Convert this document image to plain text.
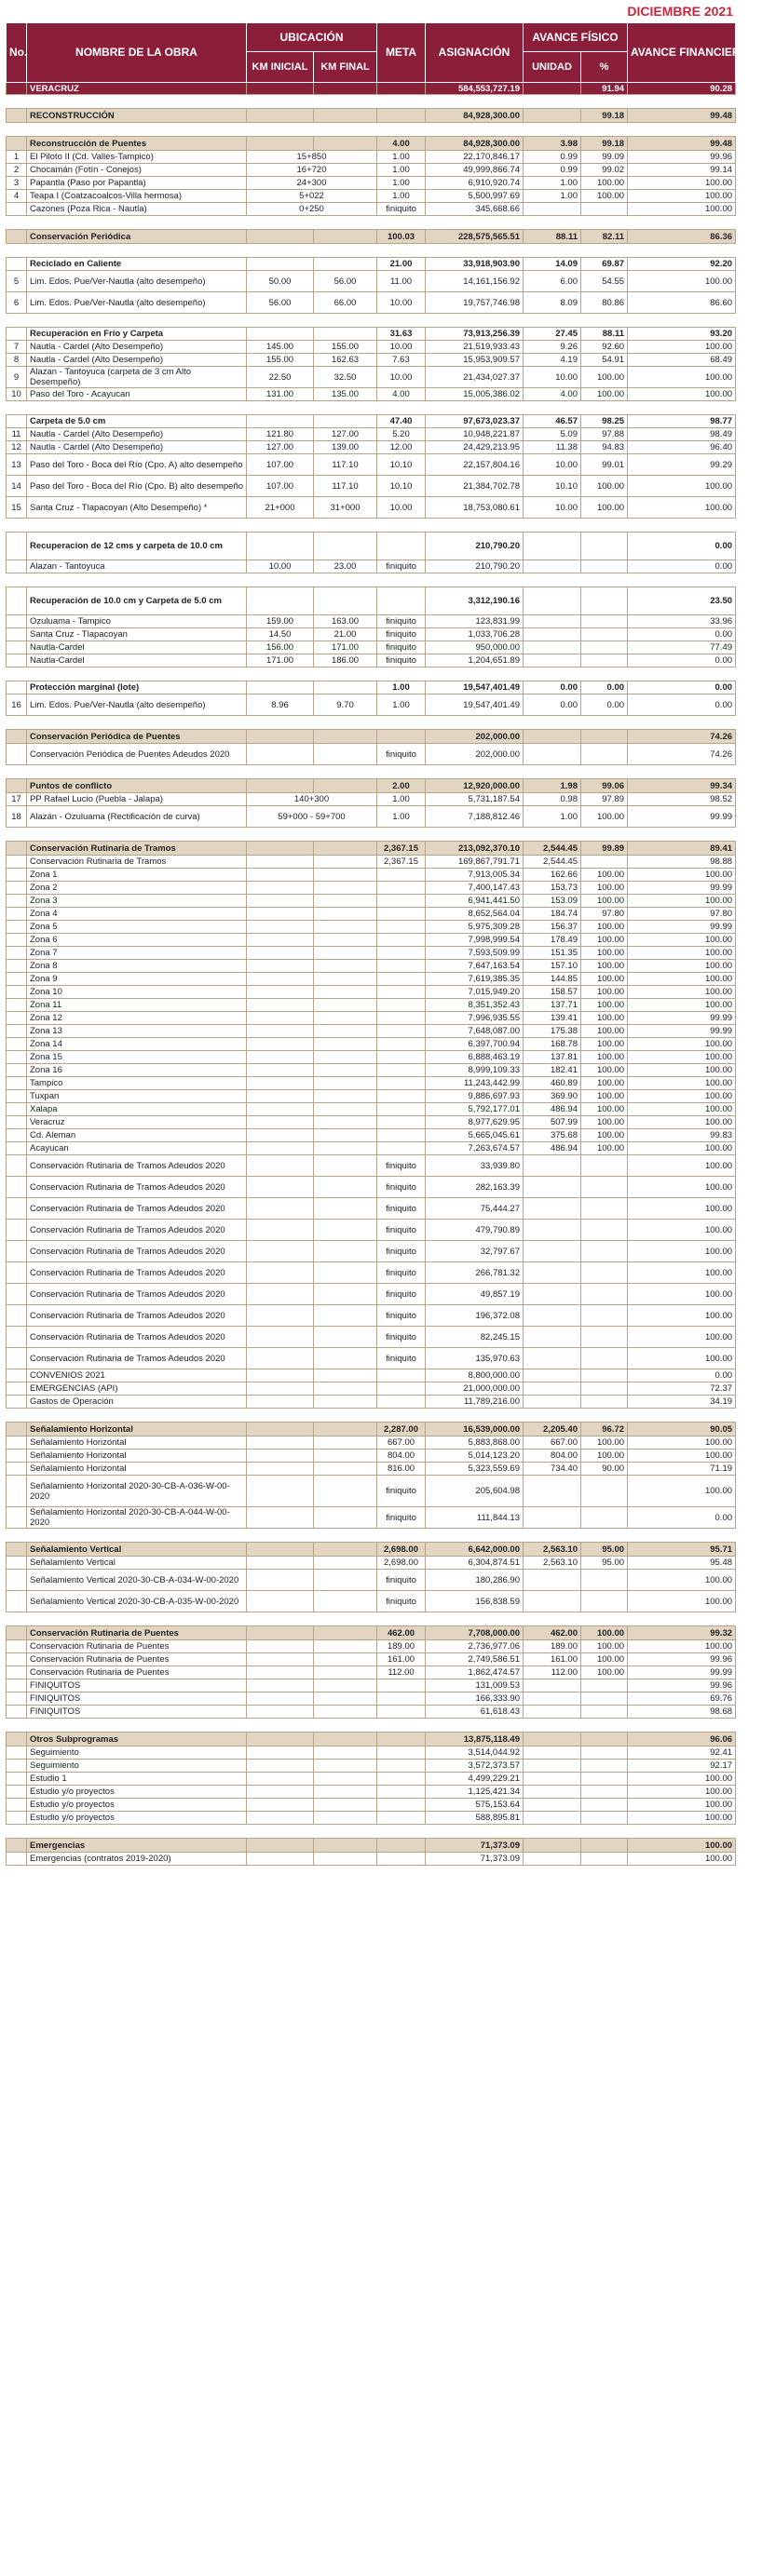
DICIEMBRE 2021
No.	NOMBRE DE LA OBRA	UBICACIÓN		META	ASIGNACIÓN	AVANCE FÍSICO		AVANCE FINANCIERO %
		KM INICIAL	KM FINAL			UNIDAD	%	
	VERACRUZ				584,553,727.19		91.94	90.28

	RECONSTRUCCIÓN				84,928,300.00		99.18	99.48

	Reconstrucción de Puentes			4.00	84,928,300.00	3.98	99.18	99.48
1	El Piloto II (Cd. Valles-Tampico)	15+850		1.00	22,170,846.17	0.99	99.09	99.96
2	Chocamán (Fotín - Conejos)	16+720		1.00	49,999,866.74	0.99	99.02	99.14
3	Papantla (Paso por Papantla)	24+300		1.00	6,910,920.74	1.00	100.00	100.00
4	Teapa I (Coatzacoalcos-Villa hermosa)	5+022		1.00	5,500,997.69	1.00	100.00	100.00
	Cazones (Poza Rica - Nautla)	0+250		finiquito	345,668.66			100.00

	Conservación Periódica			100.03	228,575,565.51	88.11	82.11	86.36

	Reciclado en Caliente			21.00	33,918,903.90	14.09	69.87	92.20
5	Lim. Edos. Pue/Ver-Nautla (alto desempeño)	50.00	56.00	11.00	14,161,156.92	6.00	54.55	100.00
6	Lim. Edos. Pue/Ver-Nautla (alto desempeño)	56.00	66.00	10.00	19,757,746.98	8.09	80.86	86.60

	Recuperación en Frío y Carpeta			31.63	73,913,256.39	27.45	88.11	93.20
7	Nautla - Cardel (Alto Desempeño)	145.00	155.00	10.00	21,519,933.43	9.26	92.60	100.00
8	Nautla - Cardel (Alto Desempeño)	155.00	162.63	7.63	15,953,909.57	4.19	54.91	68.49
9	Alazan - Tantoyuca (carpeta de 3 cm Alto Desempeño)	22.50	32.50	10.00	21,434,027.37	10.00	100.00	100.00
10	Paso del Toro - Acayucan	131.00	135.00	4.00	15,005,386.02	4.00	100.00	100.00

	Carpeta de 5.0 cm			47.40	97,673,023.37	46.57	98.25	98.77
11	Nautla - Cardel (Alto Desempeño)	121.80	127.00	5.20	10,948,221.87	5.09	97.88	98.49
12	Nautla - Cardel (Alto Desempeño)	127.00	139.00	12.00	24,429,213.95	11.38	94.83	96.40
13	Paso del Toro - Boca del Río (Cpo. A) alto desempeño	107.00	117.10	10.10	22,157,804.16	10.00	99.01	99.29
14	Paso del Toro - Boca del Río (Cpo. B) alto desempeño	107.00	117.10	10.10	21,384,702.78	10.10	100.00	100.00
15	Santa Cruz - Tlapacoyan (Alto Desempeño) *	21+000	31+000	10.00	18,753,080.61	10.00	100.00	100.00

	Recuperacion de 12 cms y carpeta de 10.0 cm				210,790.20			0.00
	Alazan - Tantoyuca	10.00	23.00	finiquito	210,790.20			0.00

	Recuperación de 10.0 cm y Carpeta de 5.0 cm				3,312,190.16			23.50
	Ozuluama - Tampico	159.00	163.00	finiquito	123,831.99			33.96
	Santa Cruz - Tlapacoyan	14.50	21.00	finiquito	1,033,706.28			0.00
	Nautla-Cardel	156.00	171.00	finiquito	950,000.00			77.49
	Nautla-Cardel	171.00	186.00	finiquito	1,204,651.89			0.00

	Protección marginal (lote)			1.00	19,547,401.49	0.00	0.00	0.00
16	Lim. Edos. Pue/Ver-Nautla (alto desempeño)	8.96	9.70	1.00	19,547,401.49	0.00	0.00	0.00

	Conservación Periódica de Puentes				202,000.00			74.26
	Conservación Periódica de Puentes Adeudos 2020			finiquito	202,000.00			74.26

	Puntos de conflicto			2.00	12,920,000.00	1.98	99.06	99.34
17	PP Rafael Lucio (Puebla - Jalapa)	140+300		1.00	5,731,187.54	0.98	97.89	98.52
18	Alazán - Ozuluama (Rectificación de curva)	59+000 - 59+700		1.00	7,188,812.46	1.00	100.00	99.99

	Conservación Rutinaria de Tramos			2,367.15	213,092,370.10	2,544.45	99.89	89.41
	Conservación Rutinaria de Tramos			2,367.15	169,867,791.71	2,544.45		98.88
	Zona 1				7,913,005.34	162.66	100.00	100.00
	Zona 2				7,400,147.43	153.73	100.00	99.99
	Zona 3				6,941,441.50	153.09	100.00	100.00
	Zona 4				8,652,564.04	184.74	97.80	97.80
	Zona 5				5,975,309.28	156.37	100.00	99.99
	Zona 6				7,998,999.54	178.49	100.00	100.00
	Zona 7				7,593,509.99	151.35	100.00	100.00
	Zona 8				7,647,163.54	157.10	100.00	100.00
	Zona 9				7,619,385.35	144.85	100.00	100.00
	Zona 10				7,015,949.20	158.57	100.00	100.00
	Zona 11				8,351,352.43	137.71	100.00	100.00
	Zona 12				7,996,935.55	139.41	100.00	99.99
	Zona 13				7,648,087.00	175.38	100.00	99.99
	Zona 14				6,397,700.94	168.78	100.00	100.00
	Zona 15				6,888,463.19	137.81	100.00	100.00
	Zona 16				8,999,109.33	182.41	100.00	100.00
	Tampico				11,243,442.99	460.89	100.00	100.00
	Tuxpan				9,886,697.93	369.90	100.00	100.00
	Xalapa				5,792,177.01	486.94	100.00	100.00
	Veracruz				8,977,629.95	507.99	100.00	100.00
	Cd. Aleman				5,665,045.61	375.68	100.00	99.83
	Acayucan				7,263,674.57	486.94	100.00	100.00
	Conservación Rutinaria de Tramos Adeudos 2020			finiquito	33,939.80			100.00
	Conservación Rutinaria de Tramos Adeudos 2020			finiquito	282,163.39			100.00
	Conservación Rutinaria de Tramos Adeudos 2020			finiquito	75,444.27			100.00
	Conservación Rutinaria de Tramos Adeudos 2020			finiquito	479,790.89			100.00
	Conservación Rutinaria de Tramos Adeudos 2020			finiquito	32,797.67			100.00
	Conservación Rutinaria de Tramos Adeudos 2020			finiquito	266,781.32			100.00
	Conservación Rutinaria de Tramos Adeudos 2020			finiquito	49,857.19			100.00
	Conservación Rutinaria de Tramos Adeudos 2020			finiquito	196,372.08			100.00
	Conservación Rutinaria de Tramos Adeudos 2020			finiquito	82,245.15			100.00
	Conservación Rutinaria de Tramos Adeudos 2020			finiquito	135,970.63			100.00
	CONVENIOS 2021				8,800,000.00			0.00
	EMERGENCIAS (API)				21,000,000.00			72.37
	Gastos de Operación				11,789,216.00			34.19

	Señalamiento Horizontal			2,287.00	16,539,000.00	2,205.40	96.72	90.05
	Señalamiento Horizontal			667.00	5,883,868.00	667.00	100.00	100.00
	Señalamiento Horizontal			804.00	5,014,123.20	804.00	100.00	100.00
	Señalamiento Horizontal			816.00	5,323,559.69	734.40	90.00	71.19
	Señalamiento Horizontal 2020-30-CB-A-036-W-00-2020			finiquito	205,604.98			100.00
	Señalamiento Horizontal 2020-30-CB-A-044-W-00-2020			finiquito	111,844.13			0.00

	Señalamiento Vertical			2,698.00	6,642,000.00	2,563.10	95.00	95.71
	Señalamiento Vertical			2,698.00	6,304,874.51	2,563.10	95.00	95.48
	Señalamiento Vertical 2020-30-CB-A-034-W-00-2020			finiquito	180,286.90			100.00
	Señalamiento Vertical 2020-30-CB-A-035-W-00-2020			finiquito	156,838.59			100.00

	Conservación Rutinaria de Puentes			462.00	7,708,000.00	462.00	100.00	99.32
	Conservación Rutinaria de Puentes			189.00	2,736,977.06	189.00	100.00	100.00
	Conservación Rutinaria de Puentes			161.00	2,749,586.51	161.00	100.00	99.96
	Conservación Rutinaria de Puentes			112.00	1,862,474.57	112.00	100.00	99.99
	FINIQUITOS				131,009.53			99.96
	FINIQUITOS				166,333.90			69.76
	FINIQUITOS				61,618.43			98.68

	Otros Subprogramas				13,875,118.49			96.06
	Seguimiento				3,514,044.92			92.41
	Seguimiento				3,572,373.57			92.17
	Estudio 1				4,499,229.21			100.00
	Estudio y/o proyectos				1,125,421.34			100.00
	Estudio y/o proyectos				575,153.64			100.00
	Estudio y/o proyectos				588,895.81			100.00

	Emergencias				71,373.09			100.00
	Emergencias (contratos 2019-2020)				71,373.09			100.00
